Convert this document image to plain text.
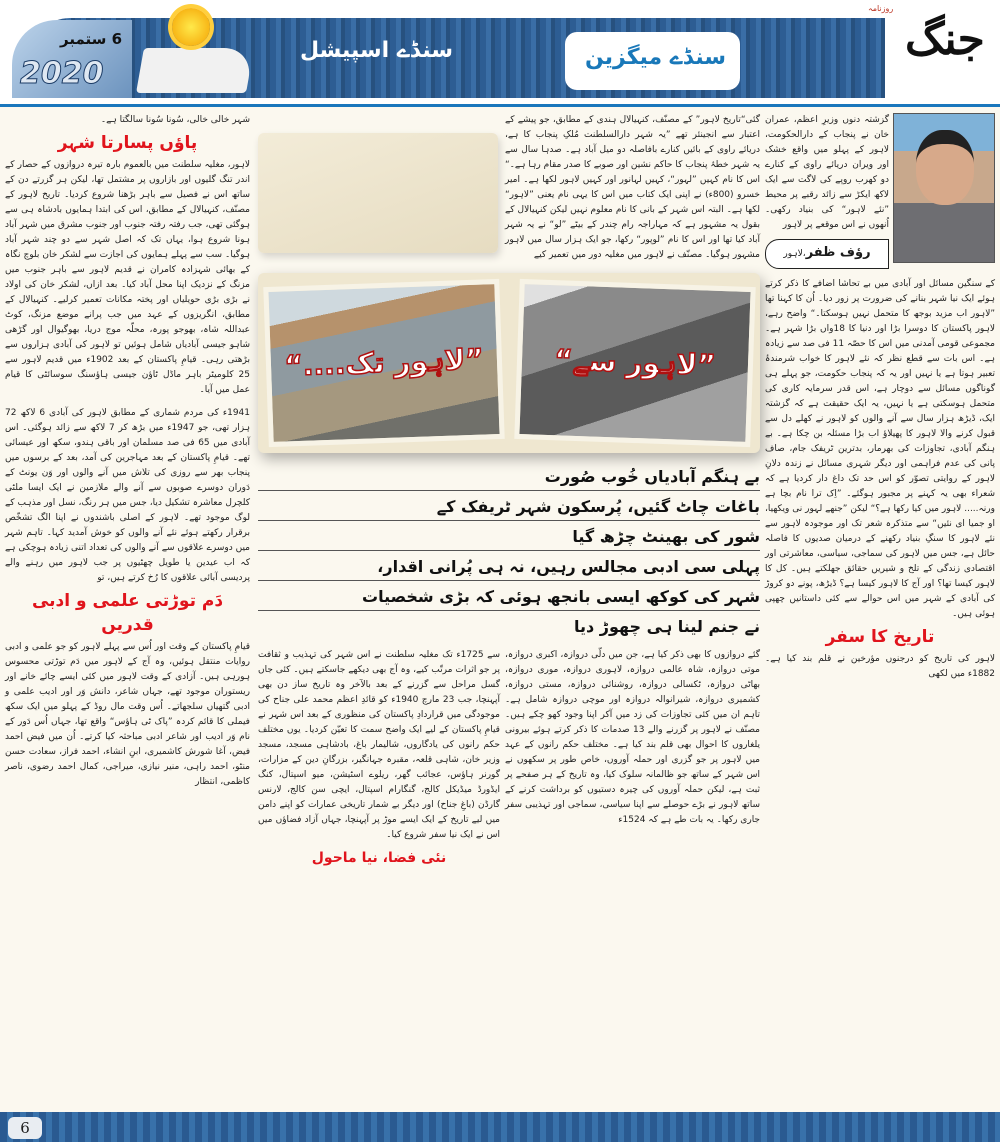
6 ستمبر
2020
سنڈے اسپیشل	سنڈے میگزین	جنگ
روزنامہ
شہر خالی خالی، سُونا سُونا سالگتا ہے۔
پاؤں پسارتا شہر
لاہور، مغلیہ سلطنت میں بالعموم بارہ تیرہ دروازوں کے حصار کے اندر تنگ گلیوں اور بازاروں پر مشتمل تھا، لیکن ہر گزرتے دن کے ساتھ اس نے فصیل سے باہر بڑھنا شروع کردیا۔ تاریخ لاہور کے مصنّف، کنہیالال کے مطابق، اس کی ابتدا ہمایوں بادشاہ ہی سے ہوگئی تھی، جب رفتہ رفتہ جنوب اور جنوب مشرق میں شہر آباد ہونا شروع ہوا، یہاں تک کہ اصل شہر سے دو چند شہر آباد ہوگیا۔ سب سے پہلے ہمایوں کی اجازت سے لشکر خان بلوچ نگاہ کے بھائی شہزادہ کامران نے قدیم لاہور سے باہر جنوب میں مزنگ کے نزدیک اپنا محل آباد کیا۔ بعد ازاں، لشکر خان کی اولاد نے بڑی بڑی حویلیاں اور پختہ مکانات تعمیر کرلیے۔ کنہیالال کے مطابق، انگریزوں کے عہد میں جب پرانے موضع مزنگ، کوٹ عبداللہ شاہ، بھوجو پورہ، محلّہ موج دریا، بھوگیوال اور گڑھی شاہو جیسی آبادیاں شامل ہوئیں تو لاہور کی آبادی ہزاروں سے بڑھتی رہی۔ قیامِ پاکستان کے بعد 1902ء میں قدیم لاہور سے 25 کلومیٹر باہر ماڈل ٹاؤن جیسی ہاؤسنگ سوسائٹی کا قیام عمل میں آیا۔
1941ء کی مردم شماری کے مطابق لاہور کی آبادی 6 لاکھ 72 ہزار تھی، جو 1947ء میں بڑھ کر 7 لاکھ سے زائد ہوگئی۔ اس آبادی میں 65 فی صد مسلمان اور باقی ہندو، سکھ اور عیسائی تھے۔ قیامِ پاکستان کے بعد مہاجرین کی آمد، بعد کے برسوں میں پنجاب بھر سے روزی کی تلاش میں آنے والوں اور وَن یونٹ کے دَوران دوسرے صوبوں سے آنے والے ملازمین نے ایک ایسا ملٹی کلچرل معاشرہ تشکیل دیا، جس میں ہر رنگ، نسل اور مذہب کے لوگ موجود تھے۔ لاہور کے اصلی باشندوں نے اپنا الگ تشخّص برقرار رکھتے ہوئے نئے آنے والوں کو خوش آمدید کہا۔ تاہم شہر میں دوسرے علاقوں سے آنے والوں کی تعداد اتنی زیادہ ہوچکی ہے کہ اب عیدین یا طویل چھٹیوں پر جب لاہور میں رہنے والے پردیسی آبائی علاقوں کا رُخ کرتے ہیں، تو
دَم توڑتی علمی و ادبی قدریں
قیامِ پاکستان کے وقت اور اُس سے پہلے لاہور کو جو علمی و ادبی روایات منتقل ہوئیں، وہ آج کے لاہور میں دَم توڑتی محسوس ہورہی ہیں۔ آزادی کے وقت لاہور میں کئی ایسے چائے خانے اور ریستوران موجود تھے، جہاں شاعر، دانش وَر اور ادیب علمی و ادبی گتھیاں سلجھاتے۔ اُس وقت مال روڈ کے پہلو میں ایک سکھ فیملی کا قائم کردہ ”پاک ٹی ہاؤس“ واقع تھا، جہاں اُس دَور کے نام وَر ادیب اور شاعر ادبی مباحثہ کیا کرتے۔ اُن میں فیض احمد فیض، آغا شورش کاشمیری، ابنِ انشاء، احمد فراز، سعادت حسن منٹو، احمد راہی، منیر نیازی، میراجی، کمال احمد رضوی، ناصر کاظمی، انتظار
گئی“تاریخ لاہور” کے مصنّف، کنہیالال ہندی کے مطابق، جو پیشے کے اعتبار سے انجینئر تھے ”یہ شہر دارالسلطنت مُلکِ پنجاب کا ہے، دریائے راوی کے بائیں کنارے بافاصلہ دو میل آباد ہے۔ صدہا سال سے یہ شہر خطۂ پنجاب کا حاکم نشین اور صوبے کا صدر مقام رہا ہے۔“ اس کا نام کہیں ”لہور“، کہیں لہانور اور کہیں لاہور لکھا ہے۔ امیر خسرو (800ء) نے اپنی ایک کتاب میں اس کا یہی نام یعنی ”لاہور“ لکھا ہے۔ البتہ اس شہر کے بانی کا نام معلوم نہیں لیکن کنہیالال کے بقول یہ مشہور ہے کہ مہاراجہ رام چندر کے بیٹے ”لو“ نے یہ شہر آباد کیا تھا اور اس کا نام ”لوپور“ رکھا، جو ایک ہزار سال میں لاہور مشہور ہوگیا۔ مصنّف نے لاہور میں مغلیہ دور میں تعمیر کیے
”لاہور تک....“ ”لاہور سے“
بے ہنگم آبادیاں خُوب صُورت
باغات چاٹ گئیں، پُرسکون شہر ٹریفک کے
شور کی بھینٹ چڑھ گیا
پہلی سی ادبی مجالس رہیں، نہ ہی پُرانی اقدار،
شہر کی کوکھ ایسی بانجھ ہوئی کہ بڑی شخصیات
نے جنم لینا ہی چھوڑ دیا
گئے دروازوں کا بھی ذکر کیا ہے، جن میں دلّی دروازہ، اکبری دروازہ، موتی دروازہ، شاہ عالمی دروازہ، لاہوری دروازہ، موری دروازہ، بھاٹی دروازہ، ٹکسالی دروازہ، روشنائی دروازہ، مستی دروازہ، کشمیری دروازہ، شیرانوالہ دروازہ اور موچی دروازہ شامل ہے۔ تاہم ان میں کئی تجاوزات کی زد میں آکر اپنا وجود کھو چکے ہیں۔ مصنّف نے لاہور پر گزرنے والے 13 صدمات کا ذکر کرتے ہوئے بیرونی یلغاروں کا احوال بھی قلم بند کیا ہے۔ مختلف حکم رانوں کے عہد میں لاہور پر جو گزری اور حملہ آوروں، خاص طور پر سکھوں نے اس شہر کے ساتھ جو ظالمانہ سلوک کیا، وہ تاریخ کے ہر صفحے پر ثبت ہے، لیکن حملہ آوروں کی چیرہ دستیوں کو برداشت کرنے کے ساتھ لاہور نے بڑے حوصلے سے اپنا سیاسی، سماجی اور تہذیبی سفر جاری رکھا۔ یہ بات طے ہے کہ 1524ء
سے 1725ء تک مغلیہ سلطنت نے اس شہر کی تہذیب و ثقافت پر جو اثرات مرتّب کیے، وہ آج بھی دیکھے جاسکتے ہیں۔ کئی جاں گسل مراحل سے گزرنے کے بعد بالآخر وہ تاریخ ساز دن بھی آپہنچا، جب 23 مارچ 1940ء کو قائدِ اعظم محمد علی جناح کی موجودگی میں قراردادِ پاکستان کی منظوری کے بعد اس شہر نے قیامِ پاکستان کے لیے ایک واضح سمت کا تعیّن کردیا۔ یوں مختلف حکم رانوں کی یادگاروں، شالیمار باغ، بادشاہی مسجد، مسجد وزیر خان، شاہی قلعہ، مقبرہ جہانگیر، بزرگانِ دین کے مزارات، گورنر ہاؤس، عجائب گھر، ریلوے اسٹیشن، میو اسپتال، کنگ ایڈورڈ میڈیکل کالج، گنگارام اسپتال، ایچی سن کالج، لارنس گارڈن (باغِ جناح) اور دیگر بے شمار تاریخی عمارات کو اپنے دامن میں لیے تاریخ کے ایک ایسے موڑ پر آپہنچا، جہاں آزاد فضاؤں میں اس نے ایک نیا سفر شروع کیا۔
نئی فضا، نیا ماحول
گزشتہ دنوں وزیرِ اعظم، عمران خان نے پنجاب کے دارالحکومت، لاہور کے پہلو میں واقع خشک اور ویران دریائے راوی کے کنارے دو کھرب روپے کی لاگت سے ایک لاکھ ایکڑ سے زائد رقبے پر محیط ”نئے لاہور“ کی بنیاد رکھی۔ اُنھوں نے اس موقعے پر لاہور
رؤف ظفر،لاہور
کے سنگین مسائل اور آبادی میں بے تحاشا اضافے کا ذکر کرتے ہوئے ایک نیا شہر بنانے کی ضرورت پر زور دیا۔ اُن کا کہنا تھا ”لاہور اب مزید بوجھ کا متحمل نہیں ہوسکتا۔“ واضح رہے، لاہور پاکستان کا دوسرا بڑا اور دنیا کا 18واں بڑا شہر ہے۔ مجموعی قومی آمدنی میں اس کا حصّہ 11 فی صد سے زیادہ ہے۔ اس بات سے قطع نظر کہ نئے لاہور کا خواب شرمندۂ تعبیر ہوتا ہے یا نہیں اور یہ کہ پنجاب حکومت، جو پہلے ہی گوناگوں مسائل سے دوچار ہے، اس قدر سرمایہ کاری کی متحمل ہوسکتی ہے یا نہیں، یہ ایک حقیقت ہے کہ گزشتہ ایک، ڈیڑھ ہزار سال سے آنے والوں کو لاہور نے کھلے دل سے قبول کرنے والا لاہور کا پھیلاؤ اب بڑا مسئلہ بن چکا ہے۔ بے ہنگم آبادی، تجاوزات کی بھرمار، بدترین ٹریفک جام، صاف پانی کی عدم فراہمی اور دیگر شہری مسائل نے زندہ دلانِ لاہور کے روایتی تصوّر کو اس حد تک داغ دار کردیا ہے کہ شعراء بھی یہ کہنے پر مجبور ہوگئے۔ ”اِک ترا نام بچا ہے ورنہ..... لاہور میں کیا رکھا ہے؟“ لیکن ”جنھے لہور نی ویکھیا، او جمیا ای نئیں“ سے متذکرہ شعر تک اور موجودہ لاہور سے نئے لاہور کا سنگِ بنیاد رکھنے کے درمیان صدیوں کا فاصلہ حائل ہے، جس میں لاہور کی سماجی، سیاسی، معاشرتی اور اقتصادی زندگی کے تلخ و شیریں حقائق جھلکتے ہیں۔ کل کا لاہور کیسا تھا؟ اور آج کا لاہور کیسا ہے؟ ڈیڑھ، پونے دو کروڑ کی آبادی کے شہر میں اس حوالے سے کئی داستانیں چھپی ہوئی ہیں۔
تاریخ کا سفر
لاہور کی تاریخ کو درجنوں مؤرخین نے قلم بند کیا ہے۔ 1882ء میں لکھی
6
